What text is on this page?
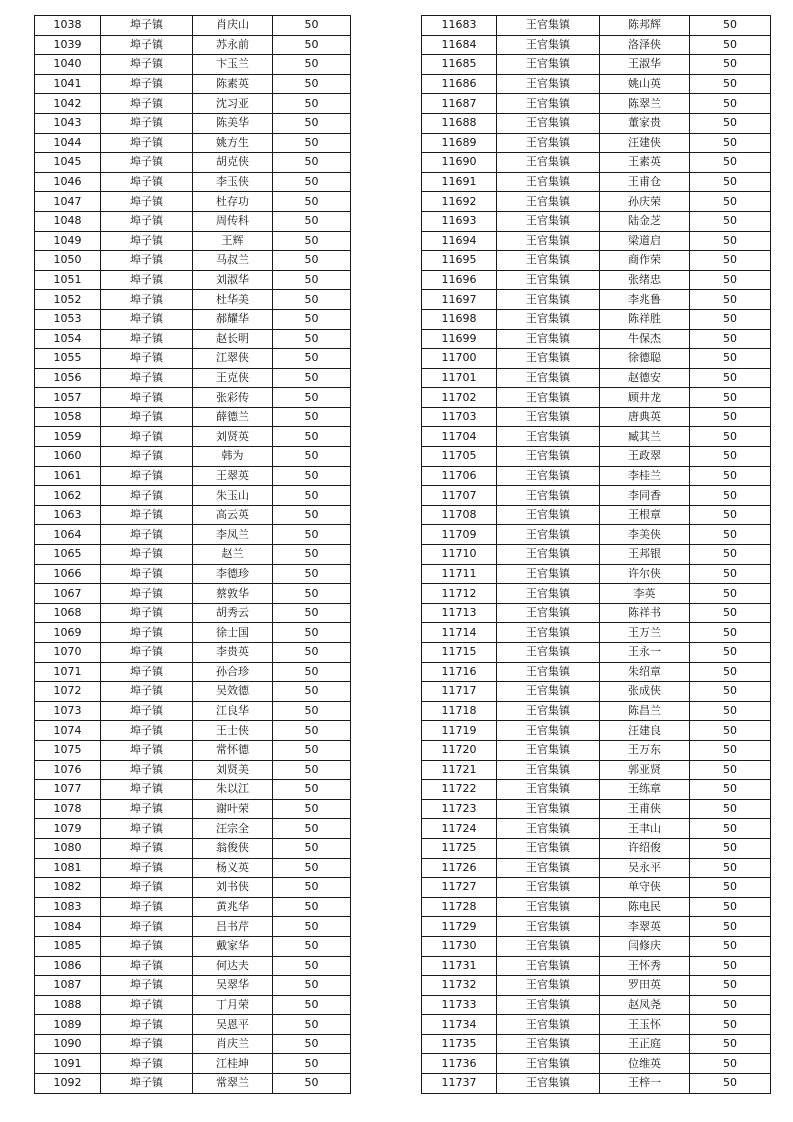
1038	埠子镇	肖庆山	50
1039	埠子镇	苏永前	50
1040	埠子镇	卞玉兰	50
1041	埠子镇	陈素英	50
1042	埠子镇	沈习亚	50
1043	埠子镇	陈美华	50
1044	埠子镇	姚方生	50
1045	埠子镇	胡克侠	50
1046	埠子镇	李玉侠	50
1047	埠子镇	杜存功	50
1048	埠子镇	周传科	50
1049	埠子镇	王辉	50
1050	埠子镇	马叔兰	50
1051	埠子镇	刘淑华	50
1052	埠子镇	杜华美	50
1053	埠子镇	郝耀华	50
1054	埠子镇	赵长明	50
1055	埠子镇	江翠侠	50
1056	埠子镇	王克侠	50
1057	埠子镇	张彩传	50
1058	埠子镇	薛德兰	50
1059	埠子镇	刘贤英	50
1060	埠子镇	韩为	50
1061	埠子镇	王翠英	50
1062	埠子镇	朱玉山	50
1063	埠子镇	高云英	50
1064	埠子镇	李凤兰	50
1065	埠子镇	赵兰	50
1066	埠子镇	李德珍	50
1067	埠子镇	蔡敦华	50
1068	埠子镇	胡秀云	50
1069	埠子镇	徐士国	50
1070	埠子镇	李贵英	50
1071	埠子镇	孙合珍	50
1072	埠子镇	吴效德	50
1073	埠子镇	江良华	50
1074	埠子镇	王士侠	50
1075	埠子镇	常怀德	50
1076	埠子镇	刘贤美	50
1077	埠子镇	朱以江	50
1078	埠子镇	谢叶荣	50
1079	埠子镇	汪宗全	50
1080	埠子镇	翁俊侠	50
1081	埠子镇	杨义英	50
1082	埠子镇	刘书侠	50
1083	埠子镇	黄兆华	50
1084	埠子镇	吕书芹	50
1085	埠子镇	戴家华	50
1086	埠子镇	何达夫	50
1087	埠子镇	吴翠华	50
1088	埠子镇	丁月荣	50
1089	埠子镇	吴恩平	50
1090	埠子镇	肖庆兰	50
1091	埠子镇	江桂坤	50
1092	埠子镇	常翠兰	50
11683	王官集镇	陈邦辉	50
11684	王官集镇	洛泽侠	50
11685	王官集镇	王淑华	50
11686	王官集镇	姚山英	50
11687	王官集镇	陈翠兰	50
11688	王官集镇	董家贵	50
11689	王官集镇	汪建侠	50
11690	王官集镇	王素英	50
11691	王官集镇	王甫仓	50
11692	王官集镇	孙庆荣	50
11693	王官集镇	陆金芝	50
11694	王官集镇	梁道启	50
11695	王官集镇	商作荣	50
11696	王官集镇	张绪忠	50
11697	王官集镇	李兆鲁	50
11698	王官集镇	陈祥胜	50
11699	王官集镇	牛保杰	50
11700	王官集镇	徐德聪	50
11701	王官集镇	赵德安	50
11702	王官集镇	顾井龙	50
11703	王官集镇	唐典英	50
11704	王官集镇	臧其兰	50
11705	王官集镇	王政翠	50
11706	王官集镇	李桂兰	50
11707	王官集镇	李同香	50
11708	王官集镇	王根章	50
11709	王官集镇	李美侠	50
11710	王官集镇	王邦银	50
11711	王官集镇	许尔侠	50
11712	王官集镇	李英	50
11713	王官集镇	陈祥书	50
11714	王官集镇	王万兰	50
11715	王官集镇	王永一	50
11716	王官集镇	朱绍章	50
11717	王官集镇	张成侠	50
11718	王官集镇	陈昌兰	50
11719	王官集镇	汪建良	50
11720	王官集镇	王万东	50
11721	王官集镇	郭亚贤	50
11722	王官集镇	王练章	50
11723	王官集镇	王甫侠	50
11724	王官集镇	王聿山	50
11725	王官集镇	许绍俊	50
11726	王官集镇	吴永平	50
11727	王官集镇	单守侠	50
11728	王官集镇	陈电民	50
11729	王官集镇	李翠英	50
11730	王官集镇	闫修庆	50
11731	王官集镇	王怀秀	50
11732	王官集镇	罗田英	50
11733	王官集镇	赵凤尧	50
11734	王官集镇	王玉怀	50
11735	王官集镇	王正庭	50
11736	王官集镇	位维英	50
11737	王官集镇	王梓一	50
